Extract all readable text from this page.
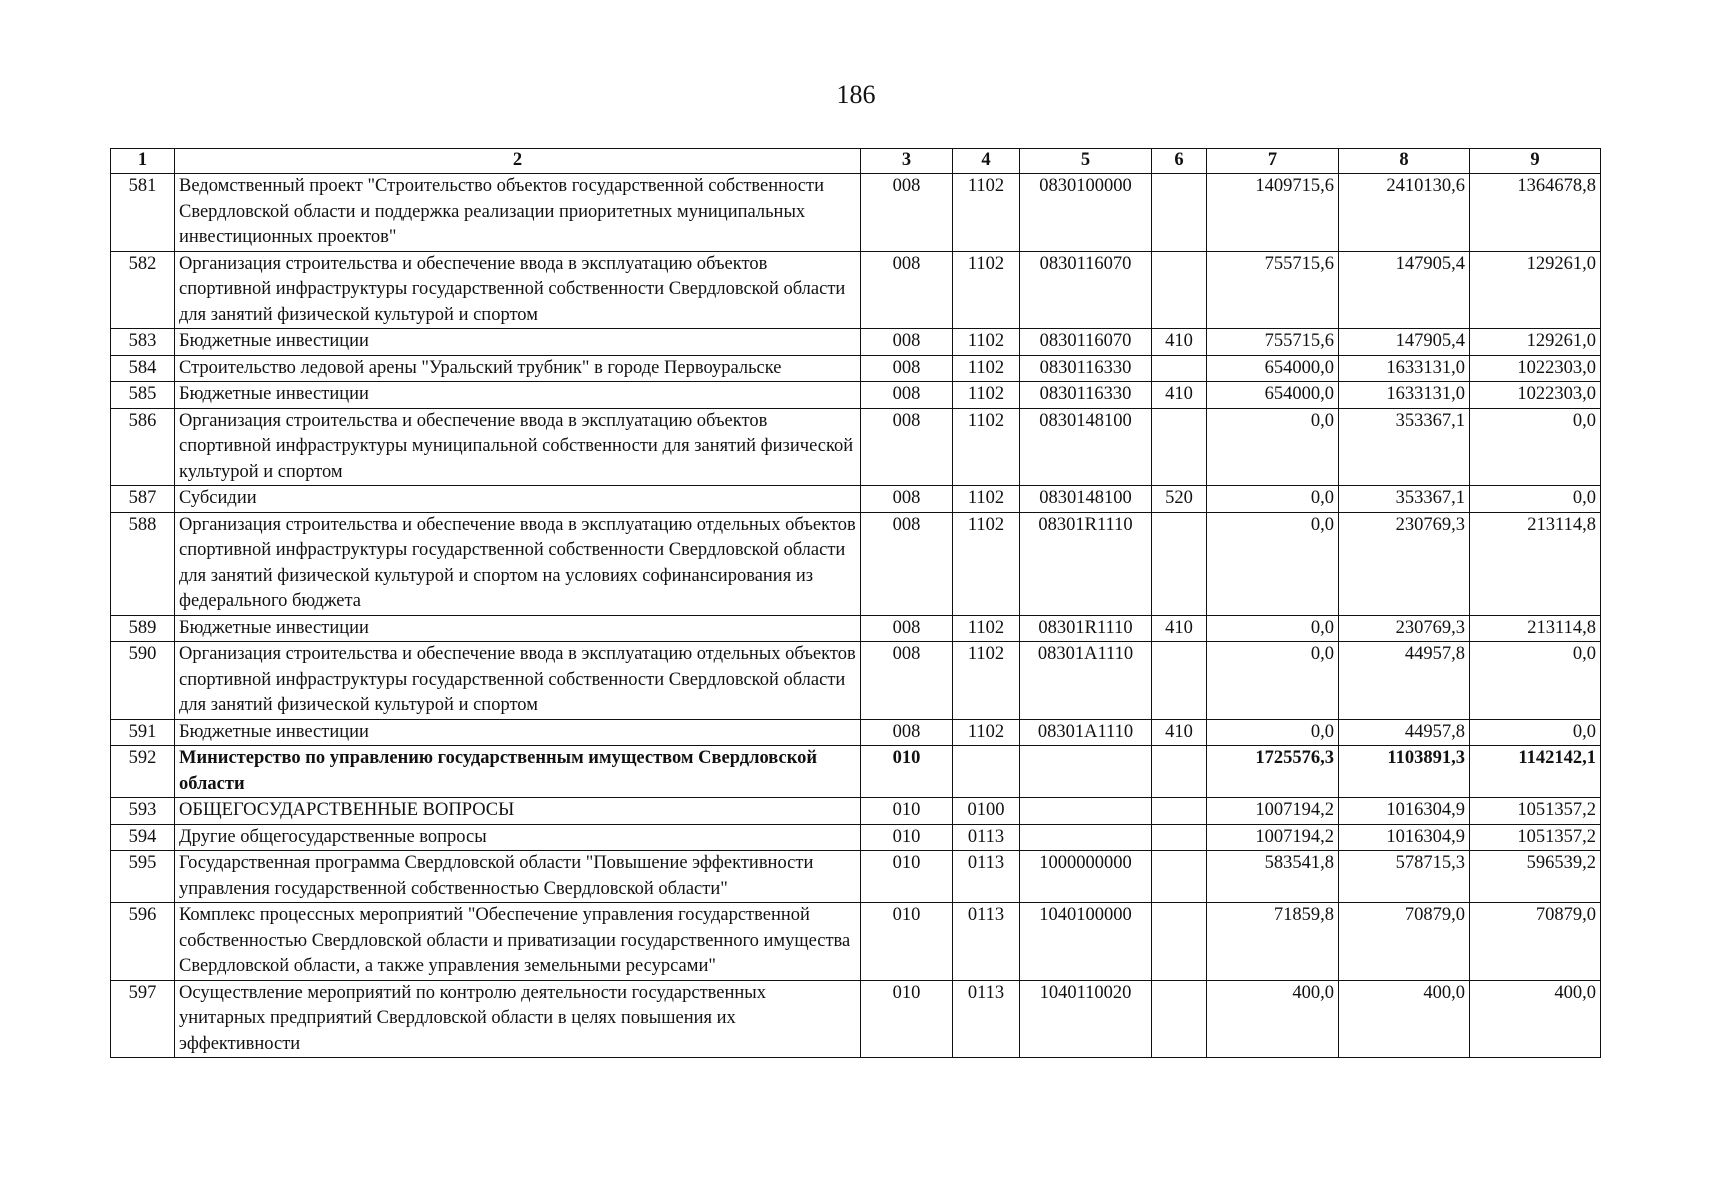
186
1	2	3	4	5	6	7	8	9
581	Ведомственный проект "Строительство объектов государственной собственности Свердловской области и поддержка реализации приоритетных муниципальных инвестиционных проектов"	008	1102	0830100000		1409715,6	2410130,6	1364678,8
582	Организация строительства и обеспечение ввода в эксплуатацию объектов спортивной инфраструктуры государственной собственности Свердловской области для занятий физической культурой и спортом	008	1102	0830116070		755715,6	147905,4	129261,0
583	Бюджетные инвестиции	008	1102	0830116070	410	755715,6	147905,4	129261,0
584	Строительство ледовой арены "Уральский трубник" в городе Первоуральске	008	1102	0830116330		654000,0	1633131,0	1022303,0
585	Бюджетные инвестиции	008	1102	0830116330	410	654000,0	1633131,0	1022303,0
586	Организация строительства и обеспечение ввода в эксплуатацию объектов спортивной инфраструктуры муниципальной собственности для занятий физической культурой и спортом	008	1102	0830148100		0,0	353367,1	0,0
587	Субсидии	008	1102	0830148100	520	0,0	353367,1	0,0
588	Организация строительства и обеспечение ввода в эксплуатацию отдельных объектов спортивной инфраструктуры государственной собственности Свердловской области для занятий физической культурой и спортом на условиях софинансирования из федерального бюджета	008	1102	08301R1110		0,0	230769,3	213114,8
589	Бюджетные инвестиции	008	1102	08301R1110	410	0,0	230769,3	213114,8
590	Организация строительства и обеспечение ввода в эксплуатацию отдельных объектов спортивной инфраструктуры государственной собственности Свердловской области для занятий физической культурой и спортом	008	1102	08301A1110		0,0	44957,8	0,0
591	Бюджетные инвестиции	008	1102	08301A1110	410	0,0	44957,8	0,0
592	Министерство по управлению государственным имуществом Свердловской области	010				1725576,3	1103891,3	1142142,1
593	ОБЩЕГОСУДАРСТВЕННЫЕ ВОПРОСЫ	010	0100			1007194,2	1016304,9	1051357,2
594	Другие общегосударственные вопросы	010	0113			1007194,2	1016304,9	1051357,2
595	Государственная программа Свердловской области "Повышение эффективности управления государственной собственностью Свердловской области"	010	0113	1000000000		583541,8	578715,3	596539,2
596	Комплекс процессных мероприятий "Обеспечение управления государственной собственностью Свердловской области и приватизации государственного имущества Свердловской области, а также управления земельными ресурсами"	010	0113	1040100000		71859,8	70879,0	70879,0
597	Осуществление мероприятий по контролю деятельности государственных унитарных предприятий Свердловской области в целях повышения их эффективности	010	0113	1040110020		400,0	400,0	400,0
